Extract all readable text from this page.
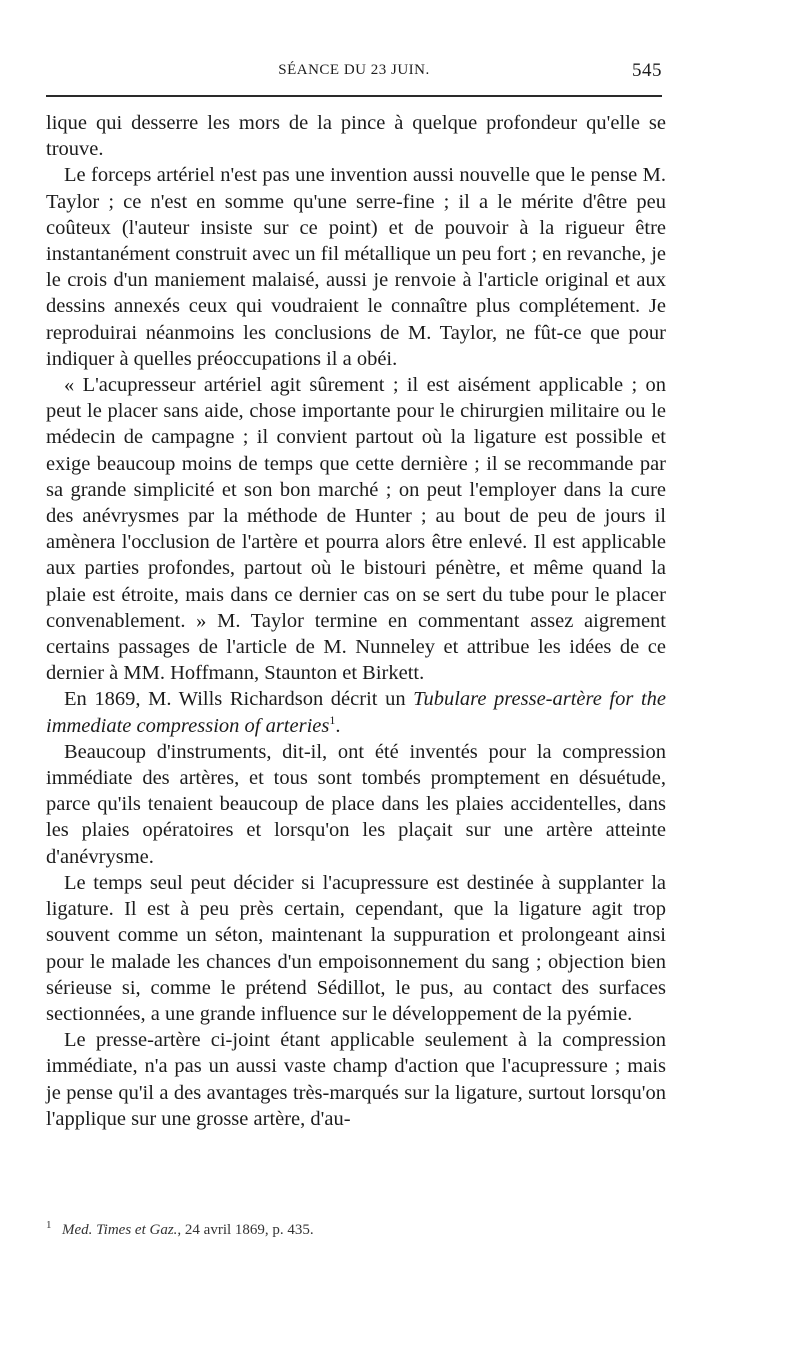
SÉANCE DU 23 JUIN.	545

lique qui desserre les mors de la pince à quelque profondeur qu'elle se trouve.

Le forceps artériel n'est pas une invention aussi nouvelle que le pense M. Taylor ; ce n'est en somme qu'une serre-fine ; il a le mérite d'être peu coûteux (l'auteur insiste sur ce point) et de pouvoir à la rigueur être instantanément construit avec un fil métallique un peu fort ; en revanche, je le crois d'un maniement malaisé, aussi je renvoie à l'article original et aux dessins annexés ceux qui voudraient le connaître plus complétement. Je reproduirai néanmoins les conclusions de M. Taylor, ne fût-ce que pour indiquer à quelles préoccupations il a obéi.

« L'acupresseur artériel agit sûrement ; il est aisément applicable ; on peut le placer sans aide, chose importante pour le chirurgien militaire ou le médecin de campagne ; il convient partout où la ligature est possible et exige beaucoup moins de temps que cette dernière ; il se recommande par sa grande simplicité et son bon marché ; on peut l'employer dans la cure des anévrysmes par la méthode de Hunter ; au bout de peu de jours il amènera l'occlusion de l'artère et pourra alors être enlevé. Il est applicable aux parties profondes, partout où le bistouri pénètre, et même quand la plaie est étroite, mais dans ce dernier cas on se sert du tube pour le placer convenablement. » M. Taylor termine en commentant assez aigrement certains passages de l'article de M. Nunneley et attribue les idées de ce dernier à MM. Hoffmann, Staunton et Birkett.

En 1869, M. Wills Richardson décrit un Tubulare presse-artère for the immediate compression of arteries$^1$.

Beaucoup d'instruments, dit-il, ont été inventés pour la compression immédiate des artères, et tous sont tombés promptement en désuétude, parce qu'ils tenaient beaucoup de place dans les plaies accidentelles, dans les plaies opératoires et lorsqu'on les plaçait sur une artère atteinte d'anévrysme.

Le temps seul peut décider si l'acupressure est destinée à supplanter la ligature. Il est à peu près certain, cependant, que la ligature agit trop souvent comme un séton, maintenant la suppuration et prolongeant ainsi pour le malade les chances d'un empoisonnement du sang ; objection bien sérieuse si, comme le prétend Sédillot, le pus, au contact des surfaces sectionnées, a une grande influence sur le développement de la pyémie.

Le presse-artère ci-joint étant applicable seulement à la compression immédiate, n'a pas un aussi vaste champ d'action que l'acupressure ; mais je pense qu'il a des avantages très-marqués sur la ligature, surtout lorsqu'on l'applique sur une grosse artère, d'au-

1 Med. Times et Gaz., 24 avril 1869, p. 435.
